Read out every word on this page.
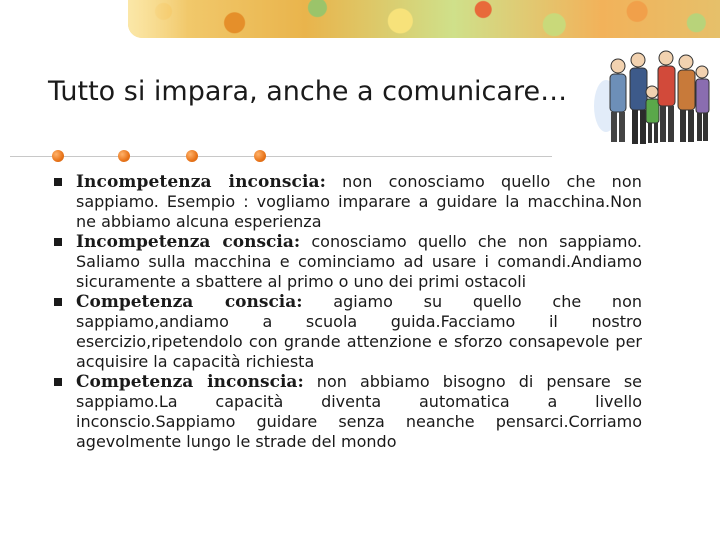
Tutto si impara, anche a comunicare…
Incompetenza inconscia: non conosciamo quello che non
sappiamo. Esempio : vogliamo imparare a guidare la macchina.Non ne abbiamo alcuna esperienza
Incompetenza conscia: conosciamo quello che non sappiamo.
Saliamo sulla macchina e cominciamo ad usare i comandi.Andiamo sicuramente a sbattere al primo o uno dei primi ostacoli
Competenza conscia: agiamo su quello che non
sappiamo,andiamo a scuola guida.Facciamo il nostro esercizio,ripetendolo con grande attenzione e sforzo consapevole per acquisire la capacità richiesta
Competenza inconscia: non abbiamo bisogno di pensare se
sappiamo.La capacità diventa automatica a livello inconscio.Sappiamo guidare senza neanche pensarci.Corriamo agevolmente lungo le strade del mondo
